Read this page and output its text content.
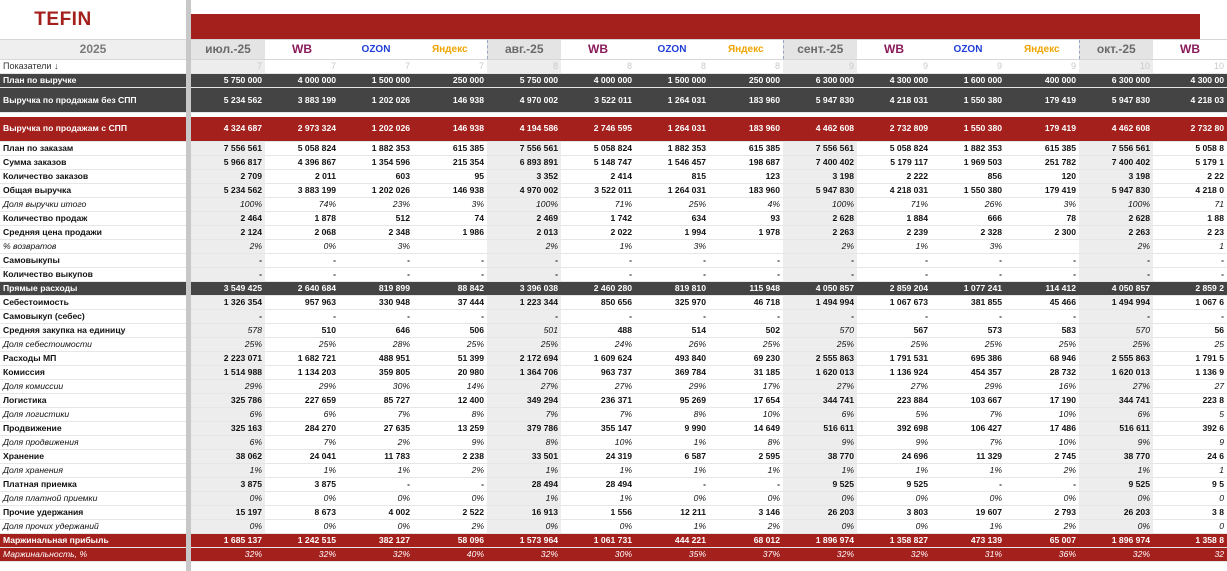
TEFIN
2025		июл.-25	WB	OZON	Яндекс	авг.-25	WB	OZON	Яндекс	сент.-25	WB	OZON	Яндекс	окт.-25	WB
Показатели ↓		7	7	7	7	8	8	8	8	9	9	9	9	10	10
План по выручке		5 750 000	4 000 000	1 500 000	250 000	5 750 000	4 000 000	1 500 000	250 000	6 300 000	4 300 000	1 600 000	400 000	6 300 000	4 300 00
Выручка по продажам без СПП		5 234 562	3 883 199	1 202 026	146 938	4 970 002	3 522 011	1 264 031	183 960	5 947 830	4 218 031	1 550 380	179 419	5 947 830	4 218 03

Выручка по продажам с СПП		4 324 687	2 973 324	1 202 026	146 938	4 194 586	2 746 595	1 264 031	183 960	4 462 608	2 732 809	1 550 380	179 419	4 462 608	2 732 80
План по заказам		7 556 561	5 058 824	1 882 353	615 385	7 556 561	5 058 824	1 882 353	615 385	7 556 561	5 058 824	1 882 353	615 385	7 556 561	5 058 8
Сумма заказов		5 966 817	4 396 867	1 354 596	215 354	6 893 891	5 148 747	1 546 457	198 687	7 400 402	5 179 117	1 969 503	251 782	7 400 402	5 179 1
Количество заказов		2 709	2 011	603	95	3 352	2 414	815	123	3 198	2 222	856	120	3 198	2 22
Общая выручка		5 234 562	3 883 199	1 202 026	146 938	4 970 002	3 522 011	1 264 031	183 960	5 947 830	4 218 031	1 550 380	179 419	5 947 830	4 218 0
Доля выручки итого		100%	74%	23%	3%	100%	71%	25%	4%	100%	71%	26%	3%	100%	71
Количество продаж		2 464	1 878	512	74	2 469	1 742	634	93	2 628	1 884	666	78	2 628	1 88
Средняя цена продажи		2 124	2 068	2 348	1 986	2 013	2 022	1 994	1 978	2 263	2 239	2 328	2 300	2 263	2 23
% возвратов		2%	0%	3%		2%	1%	3%		2%	1%	3%		2%	1
Самовыкупы		-	-	-	-	-	-	-	-	-	-	-	-	-	-
Количество выкупов		-	-	-	-	-	-	-	-	-	-	-	-	-	-
Прямые расходы		3 549 425	2 640 684	819 899	88 842	3 396 038	2 460 280	819 810	115 948	4 050 857	2 859 204	1 077 241	114 412	4 050 857	2 859 2
Себестоимость		1 326 354	957 963	330 948	37 444	1 223 344	850 656	325 970	46 718	1 494 994	1 067 673	381 855	45 466	1 494 994	1 067 6
Самовыкуп (себес)		-	-	-	-	-	-	-	-	-	-	-	-	-	-
Средняя закупка на единицу		578	510	646	506	501	488	514	502	570	567	573	583	570	56
Доля себестоимости		25%	25%	28%	25%	25%	24%	26%	25%	25%	25%	25%	25%	25%	25
Расходы МП		2 223 071	1 682 721	488 951	51 399	2 172 694	1 609 624	493 840	69 230	2 555 863	1 791 531	695 386	68 946	2 555 863	1 791 5
Комиссия		1 514 988	1 134 203	359 805	20 980	1 364 706	963 737	369 784	31 185	1 620 013	1 136 924	454 357	28 732	1 620 013	1 136 9
Доля комиссии		29%	29%	30%	14%	27%	27%	29%	17%	27%	27%	29%	16%	27%	27
Логистика		325 786	227 659	85 727	12 400	349 294	236 371	95 269	17 654	344 741	223 884	103 667	17 190	344 741	223 8
Доля логистики		6%	6%	7%	8%	7%	7%	8%	10%	6%	5%	7%	10%	6%	5
Продвижение		325 163	284 270	27 635	13 259	379 786	355 147	9 990	14 649	516 611	392 698	106 427	17 486	516 611	392 6
Доля продвижения		6%	7%	2%	9%	8%	10%	1%	8%	9%	9%	7%	10%	9%	9
Хранение		38 062	24 041	11 783	2 238	33 501	24 319	6 587	2 595	38 770	24 696	11 329	2 745	38 770	24 6
Доля хранения		1%	1%	1%	2%	1%	1%	1%	1%	1%	1%	1%	2%	1%	1
Платная приемка		3 875	3 875	-	-	28 494	28 494	-	-	9 525	9 525	-	-	9 525	9 5
Доля платной приемки		0%	0%	0%	0%	1%	1%	0%	0%	0%	0%	0%	0%	0%	0
Прочие удержания		15 197	8 673	4 002	2 522	16 913	1 556	12 211	3 146	26 203	3 803	19 607	2 793	26 203	3 8
Доля прочих удержаний		0%	0%	0%	2%	0%	0%	1%	2%	0%	0%	1%	2%	0%	0
Маржинальная прибыль		1 685 137	1 242 515	382 127	58 096	1 573 964	1 061 731	444 221	68 012	1 896 974	1 358 827	473 139	65 007	1 896 974	1 358 8
Маржинальность, %		32%	32%	32%	40%	32%	30%	35%	37%	32%	32%	31%	36%	32%	32
